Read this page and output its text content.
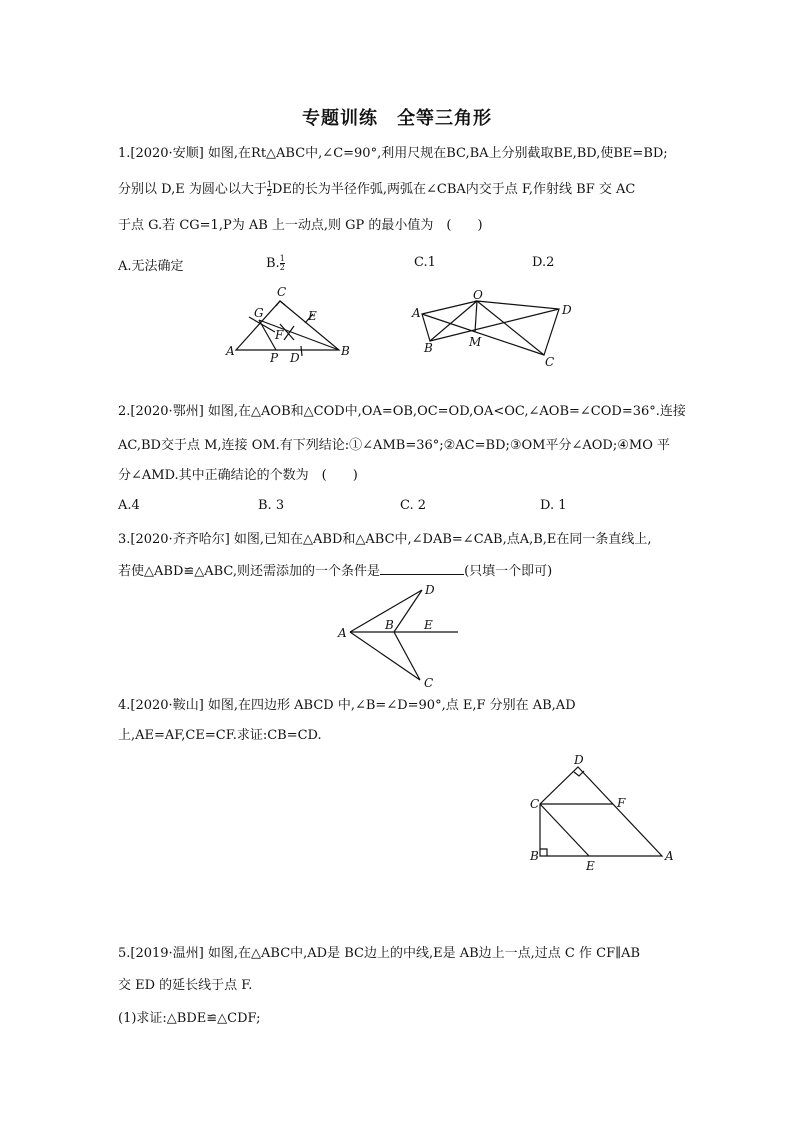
专题训练　全等三角形
1.[2020·安顺] 如图,在Rt△ABC中,∠C=90°,利用尺规在BC,BA上分别截取BE,BD,使BE=BD;
分别以 D,E 为圆心以大于 $\frac{1}{2}$ DE的长为半径作弧,两弧在∠CBA内交于点 F,作射线 BF 交 AC
于点 G.若 CG=1,P为 AB 上一动点,则 GP 的最小值为　(　　)
A.无法确定	B. $\frac{1}{2}$	C.1	D.2
A	B
C
G	E
F
P D
A
B
O
D
M
C
2.[2020·鄂州] 如图,在△AOB和△COD中,OA=OB,OC=OD,OA<OC,∠AOB=∠COD=36°.连接
AC,BD交于点 M,连接 OM.有下列结论:①∠AMB=36°;②AC=BD;③OM平分∠AOD;④MO 平
分∠AMD.其中正确结论的个数为　(　　)
A.4	B. 3	C. 2	D. 1
3.[2020·齐齐哈尔] 如图,已知在△ABD和△ABC中,∠DAB=∠CAB,点A,B,E在同一条直线上,
若使△ABD≌△ABC,则还需添加的一个条件是	(只填一个即可)
A
B	E
D
C
4.[2020·鞍山] 如图,在四边形 ABCD 中,∠B=∠D=90°,点 E,F 分别在 AB,AD
上,AE=AF,CE=CF.求证:CB=CD.
D
C	F
B
E
A
5.[2019·温州] 如图,在△ABC中,AD是 BC边上的中线,E是 AB边上一点,过点 C 作 CF∥AB
交 ED 的延长线于点 F.
(1)求证:△BDE≌△CDF;
